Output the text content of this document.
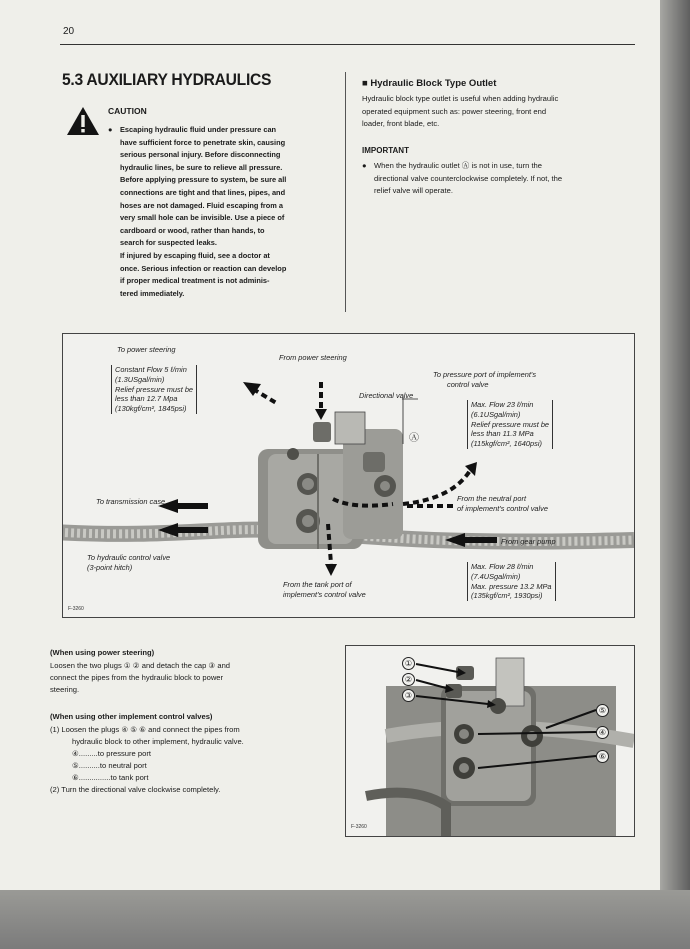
20
5.3 AUXILIARY HYDRAULICS
CAUTION
● Escaping hydraulic fluid under pressure can

have sufficient force to penetrate skin, causing

serious personal injury. Before disconnecting

hydraulic lines, be sure to relieve all pressure.

Before applying pressure to system, be sure all

connections are tight and that lines, pipes, and

hoses are not damaged. Fluid escaping from a

very small hole can be invisible. Use a piece of

cardboard or wood, rather than hands, to

search for suspected leaks.

If injured by escaping fluid, see a doctor at

once. Serious infection or reaction can develop

if proper medical treatment is not adminis-

tered immediately.

■ Hydraulic Block Type Outlet

Hydraulic block type outlet is useful when adding hydraulic

operated equipment such as: power steering, front end

loader, front blade, etc.

IMPORTANT
● When the hydraulic outlet Ⓐ is not in use, turn the

directional valve counterclockwise completely. If not, the

relief valve will operate.

To power steering
From power steering
Directional valve
To pressure port of implement's
control valve
Ⓐ
To transmission case	From the neutral port
of implement's control valve
From gear pump
To hydraulic control valve
(3-point hitch)
From the tank port of
implement's control valve
Constant Flow 5 ℓ/min
(1.3USgal/min)
Relief pressure must be
less than 12.7 Mpa
(130kgf/cm², 1845psi)	Max. Flow 23 ℓ/min
(6.1USgal/min)
Relief pressure must be
less than 11.3 MPa
(115kgf/cm², 1640psi)
Max. Flow 28 ℓ/min
(7.4USgal/min)
Max. pressure 13.2 MPa
(135kgf/cm², 1930psi)
F-3260
(When using power steering)

Loosen the two plugs ① ② and detach the cap ③ and

connect the pipes from the hydraulic block to power

steering.

(When using other implement control valves)
(1) Loosen the plugs ④ ⑤ ⑥ and connect the pipes from
hydraulic block to other implement, hydraulic valve.
④.........to pressure port
⑤..........to neutral port
⑥...............to tank port
(2) Turn the directional valve clockwise completely.
①
②
③
④
⑤
⑥
F-3260
